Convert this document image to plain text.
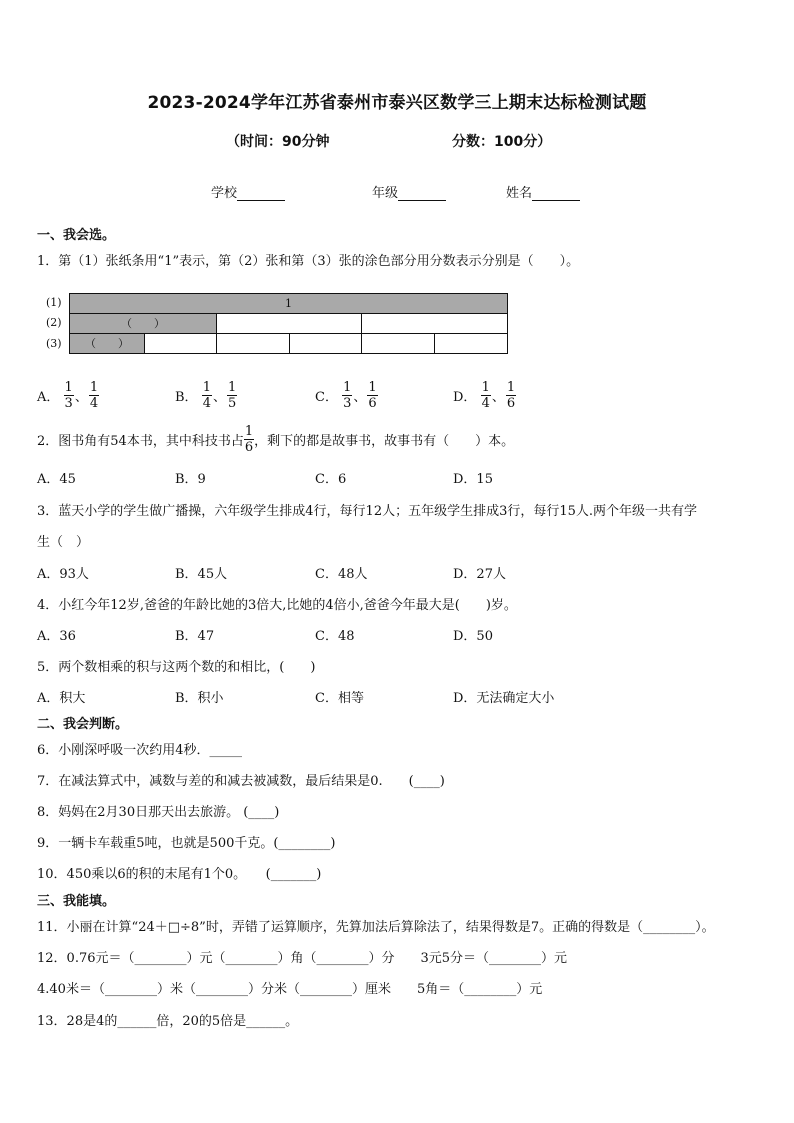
2023-2024学年江苏省泰州市泰兴区数学三上期末达标检测试题
（时间：90分钟	分数：100分）
学校	年级	姓名
一、我会选。
1．第（1）张纸条用“1”表示，第（2）张和第（3）张的涂色部分用分数表示分别是（　　）。
(1)
(2)
(3)
1
（　　）
（　　）
A． $\frac{1}{3}$ 、 $\frac{1}{4}$	B． $\frac{1}{4}$ 、 $\frac{1}{5}$	C． $\frac{1}{3}$ 、 $\frac{1}{6}$	D． $\frac{1}{4}$ 、 $\frac{1}{6}$
2．图书角有54本书，其中科技书占 $\frac{1}{6}$ ，剩下的都是故事书，故事书有（　　）本。
A．45	B．9	C．6	D．15
3．蓝天小学的学生做广播操，六年级学生排成4行，每行12人；五年级学生排成3行，每行15人.两个年级一共有学
生（　）
A．93人	B．45人	C．48人	D．27人
4．小红今年12岁,爸爸的年龄比她的3倍大,比她的4倍小,爸爸今年最大是(　　)岁。
A．36	B．47	C．48	D．50
5．两个数相乘的积与这两个数的和相比，(　　)
A．积大	B．积小	C．相等	D．无法确定大小
二、我会判断。
6．小刚深呼吸一次约用4秒．_____
7．在减法算式中，减数与差的和减去被减数，最后结果是0.　　(____)
8．妈妈在2月30日那天出去旅游。 (____)
9．一辆卡车载重5吨，也就是500千克。(________)
10．450乘以6的积的末尾有1个0。　　(_______)
三、我能填。
11．小丽在计算“24＋□÷8”时，弄错了运算顺序，先算加法后算除法了，结果得数是7。正确的得数是（________）。
12．0.76元＝（________）元（________）角（________）分　　3元5分＝（________）元
4.40米＝（________）米（________）分米（________）厘米　　5角＝（________）元
13．28是4的______倍，20的5倍是______。
